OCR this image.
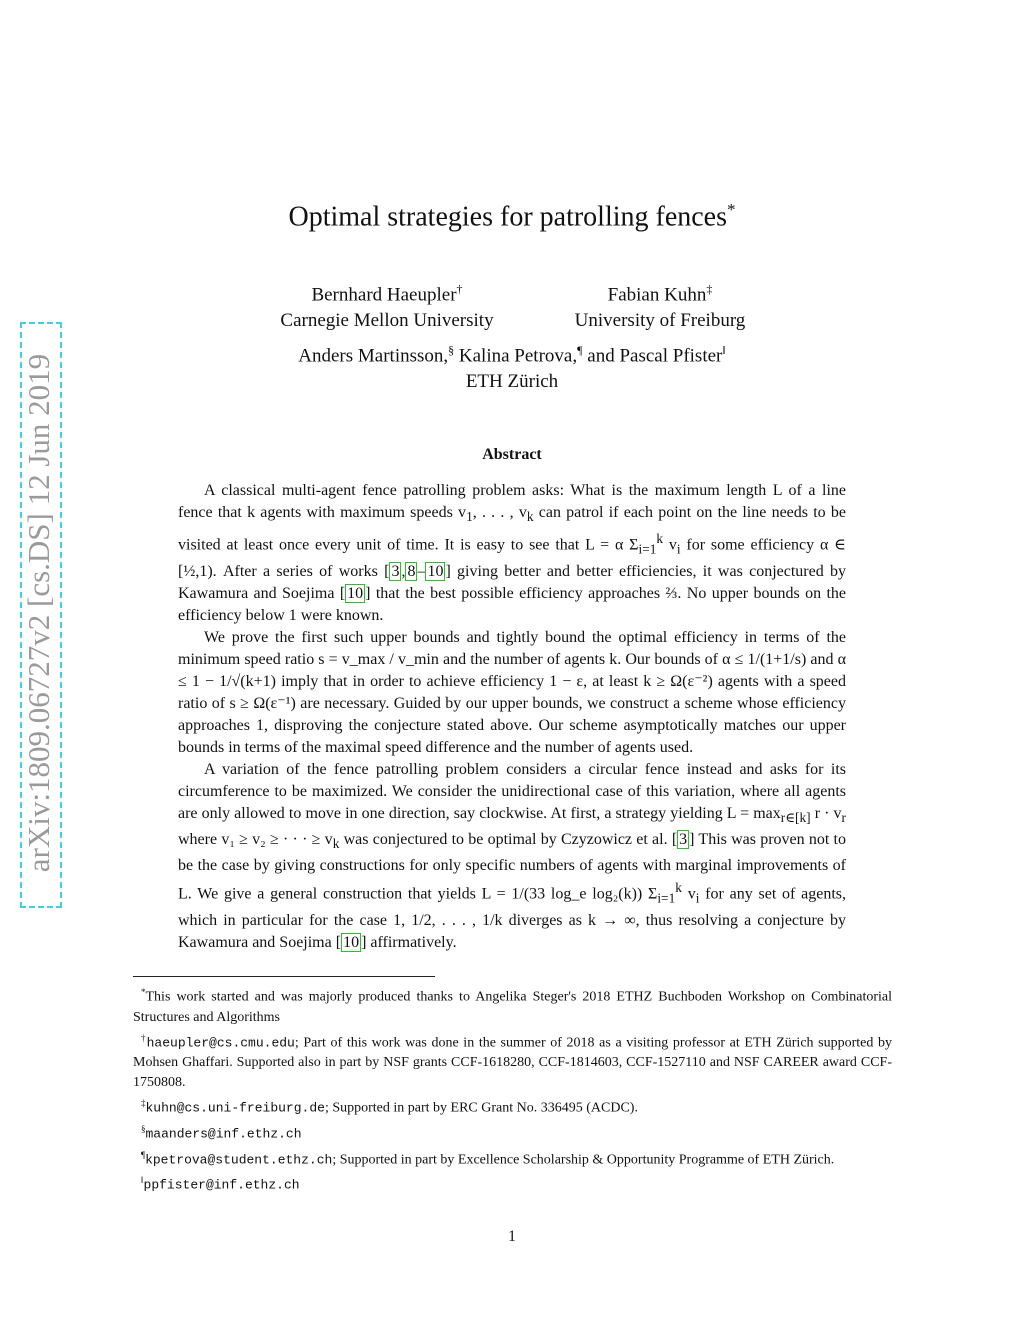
arXiv:1809.06727v2 [cs.DS] 12 Jun 2019
Optimal strategies for patrolling fences*
Bernhard Haeupler†
Carnegie Mellon University
Fabian Kuhn‡
University of Freiburg
Anders Martinsson,§ Kalina Petrova,¶ and Pascal Pfister‖
ETH Zürich
Abstract

A classical multi-agent fence patrolling problem asks: What is the maximum length L of a line fence that k agents with maximum speeds $v_1$, . . . , $v_k$ can patrol if each point on the line needs to be visited at least once every unit of time. It is easy to see that L = α $\Sigma_{i=1}^k$ $v_i$ for some efficiency α ∈ [½,1). After a series of works [ 3 , 8 – 10 ] giving better and better efficiencies, it was conjectured by Kawamura and Soejima [ 10 ] that the best possible efficiency approaches ⅔. No upper bounds on the efficiency below 1 were known.

We prove the first such upper bounds and tightly bound the optimal efficiency in terms of the minimum speed ratio s = v_max / v_min and the number of agents k. Our bounds of α ≤ 1/(1+1/s) and α ≤ 1 − 1/√(k+1) imply that in order to achieve efficiency 1 − ε, at least k ≥ Ω(ε⁻²) agents with a speed ratio of s ≥ Ω(ε⁻¹) are necessary. Guided by our upper bounds, we construct a scheme whose efficiency approaches 1, disproving the conjecture stated above. Our scheme asymptotically matches our upper bounds in terms of the maximal speed difference and the number of agents used.

A variation of the fence patrolling problem considers a circular fence instead and asks for its circumference to be maximized. We consider the unidirectional case of this variation, where all agents are only allowed to move in one direction, say clockwise. At first, a strategy yielding $L = \max_{r\in[k]} r \cdot v_r$ where v₁ ≥ v₂ ≥ · · · ≥ $v_k$ was conjectured to be optimal by Czyzowicz et al. [ 3 ] This was proven not to be the case by giving constructions for only specific numbers of agents with marginal improvements of L. We give a general construction that yields L = 1/(33 log_e log₂(k)) $\Sigma_{i=1}^k$ $v_i$ for any set of agents, which in particular for the case 1, 1/2, . . . , 1/k diverges as k → ∞, thus resolving a conjecture by Kawamura and Soejima [ 10 ] affirmatively.

*This work started and was majorly produced thanks to Angelika Steger's 2018 ETHZ Buchboden Workshop on Combinatorial Structures and Algorithms

†haeupler@cs.cmu.edu; Part of this work was done in the summer of 2018 as a visiting professor at ETH Zürich supported by Mohsen Ghaffari. Supported also in part by NSF grants CCF-1618280, CCF-1814603, CCF-1527110 and NSF CAREER award CCF-1750808.

‡kuhn@cs.uni-freiburg.de; Supported in part by ERC Grant No. 336495 (ACDC).

§maanders@inf.ethz.ch

¶kpetrova@student.ethz.ch; Supported in part by Excellence Scholarship & Opportunity Programme of ETH Zürich.

‖ppfister@inf.ethz.ch

1
